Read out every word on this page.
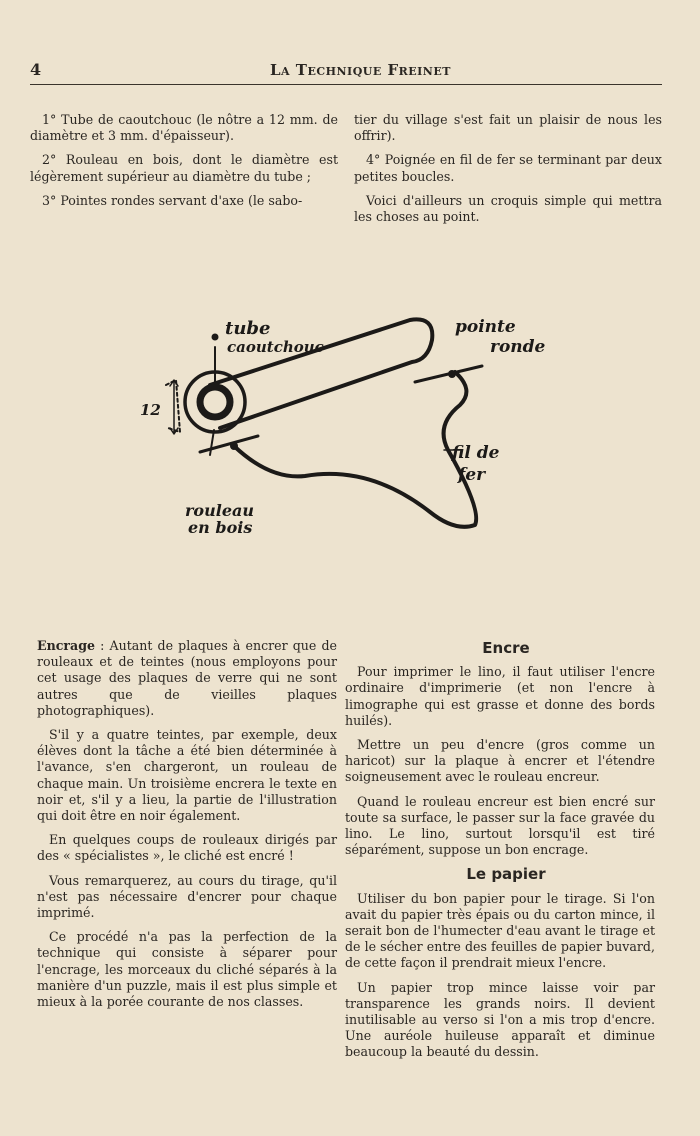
4	La Technique Freinet

1° Tube de caoutchouc (le nôtre a 12 mm. de diamètre et 3 mm. d'épaisseur).

2° Rouleau en bois, dont le diamètre est légèrement supérieur au diamètre du tube ;

3° Pointes rondes servant d'axe (le sabo-

tier du village s'est fait un plaisir de nous les offrir).

4° Poignée en fil de fer se terminant par deux petites boucles.

Voici d'ailleurs un croquis simple qui mettra les choses au point.

tube
caoutchouc
pointe
ronde
fil de
fer
rouleau
en bois
12

Encrage : Autant de plaques à encrer que de rouleaux et de teintes (nous employons pour cet usage des plaques de verre qui ne sont autres que de vieilles plaques photographiques).

S'il y a quatre teintes, par exemple, deux élèves dont la tâche a été bien déterminée à l'avance, s'en chargeront, un rouleau de chaque main. Un troisième encrera le texte en noir et, s'il y a lieu, la partie de l'illustration qui doit être en noir également.

En quelques coups de rouleaux dirigés par des « spécialistes », le cliché est encré !

Vous remarquerez, au cours du tirage, qu'il n'est pas nécessaire d'encrer pour chaque imprimé.

Ce procédé n'a pas la perfection de la technique qui consiste à séparer pour l'encrage, les morceaux du cliché séparés à la manière d'un puzzle, mais il est plus simple et mieux à la porée courante de nos classes.

Encre

Pour imprimer le lino, il faut utiliser l'encre ordinaire d'imprimerie (et non l'encre à limographe qui est grasse et donne des bords huilés).

Mettre un peu d'encre (gros comme un haricot) sur la plaque à encrer et l'étendre soigneusement avec le rouleau encreur.

Quand le rouleau encreur est bien encré sur toute sa surface, le passer sur la face gravée du lino. Le lino, surtout lorsqu'il est tiré séparément, suppose un bon encrage.

Le papier

Utiliser du bon papier pour le tirage. Si l'on avait du papier très épais ou du carton mince, il serait bon de l'humecter d'eau avant le tirage et de le sécher entre des feuilles de papier buvard, de cette façon il prendrait mieux l'encre.

Un papier trop mince laisse voir par transparence les grands noirs. Il devient inutilisable au verso si l'on a mis trop d'encre. Une auréole huileuse apparaît et diminue beaucoup la beauté du dessin.
